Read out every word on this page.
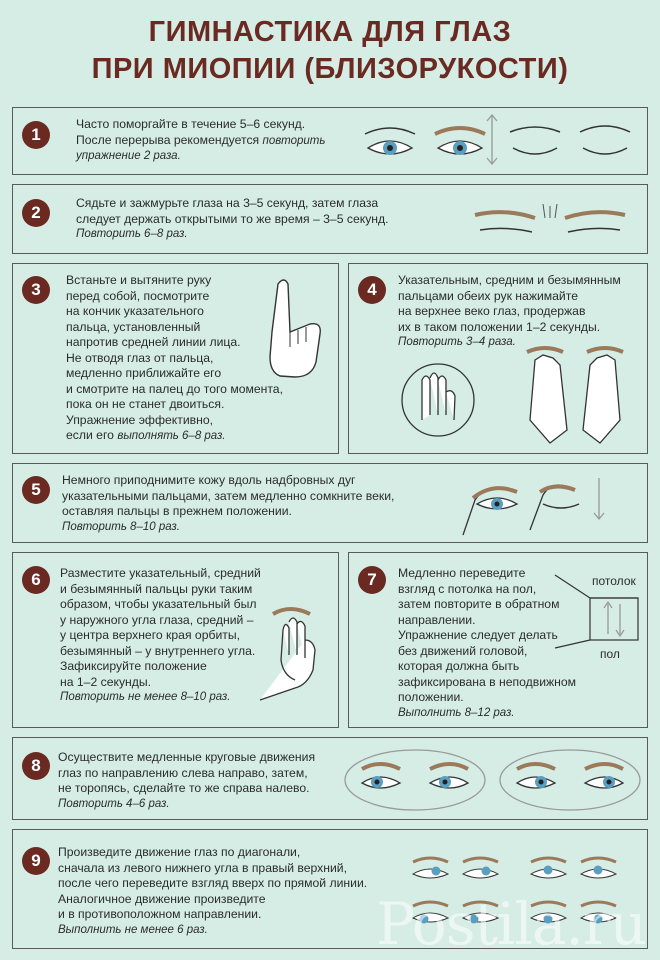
ГИМНАСТИКА ДЛЯ ГЛАЗ
ПРИ МИОПИИ (БЛИЗОРУКОСТИ)
1

Часто поморгайте в течение 5–6 секунд.

После перерыва рекомендуется повторить

упражнение 2 раза.

2	Сядьте и зажмурьте глаза на 3–5 секунд, затем глаза

следует держать открытыми то же время – 3–5 секунд.

Повторить 6–8 раз.

3	Встаньте и вытяните руку

перед собой, посмотрите

на кончик указательного

пальца, установленный

напротив средней линии лица.

Не отводя глаз от пальца,

медленно приближайте его

и смотрите на палец до того момента,

пока он не станет двоиться.

Упражнение эффективно,

если его выполнять 6–8 раз.

4	Указательным, средним и безымянным

пальцами обеих рук нажимайте

на верхнее веко глаз, продержав

их в таком положении 1–2 секунды.

Повторить 3–4 раза.

5	Немного приподнимите кожу вдоль надбровных дуг

указательными пальцами, затем медленно сомкните веки,

оставляя пальцы в прежнем положении.

Повторить 8–10 раз.

6	Разместите указательный, средний

и безымянный пальцы руки таким

образом, чтобы указательный был

у наружного угла глаза, средний –

у центра верхнего края орбиты,

безымянный – у внутреннего угла.

Зафиксируйте положение

на 1–2 секунды.

Повторить не менее 8–10 раз.

7	Медленно переведите

взгляд с потолка на пол,

затем повторите в обратном

направлении.

Упражнение следует делать

без движений головой,

которая должна быть

зафиксирована в неподвижном

положении.

Выполнить 8–12 раз.

потолок
пол
8	Осуществите медленные круговые движения

глаз по направлению слева направо, затем,

не торопясь, сделайте то же справа налево.

Повторить 4–6 раз.

9	Произведите движение глаз по диагонали,

сначала из левого нижнего угла в правый верхний,

после чего переведите взгляд вверх по прямой линии.

Аналогичное движение произведите

и в противоположном направлении.

Выполнить не менее 6 раз.	Postila.ru
